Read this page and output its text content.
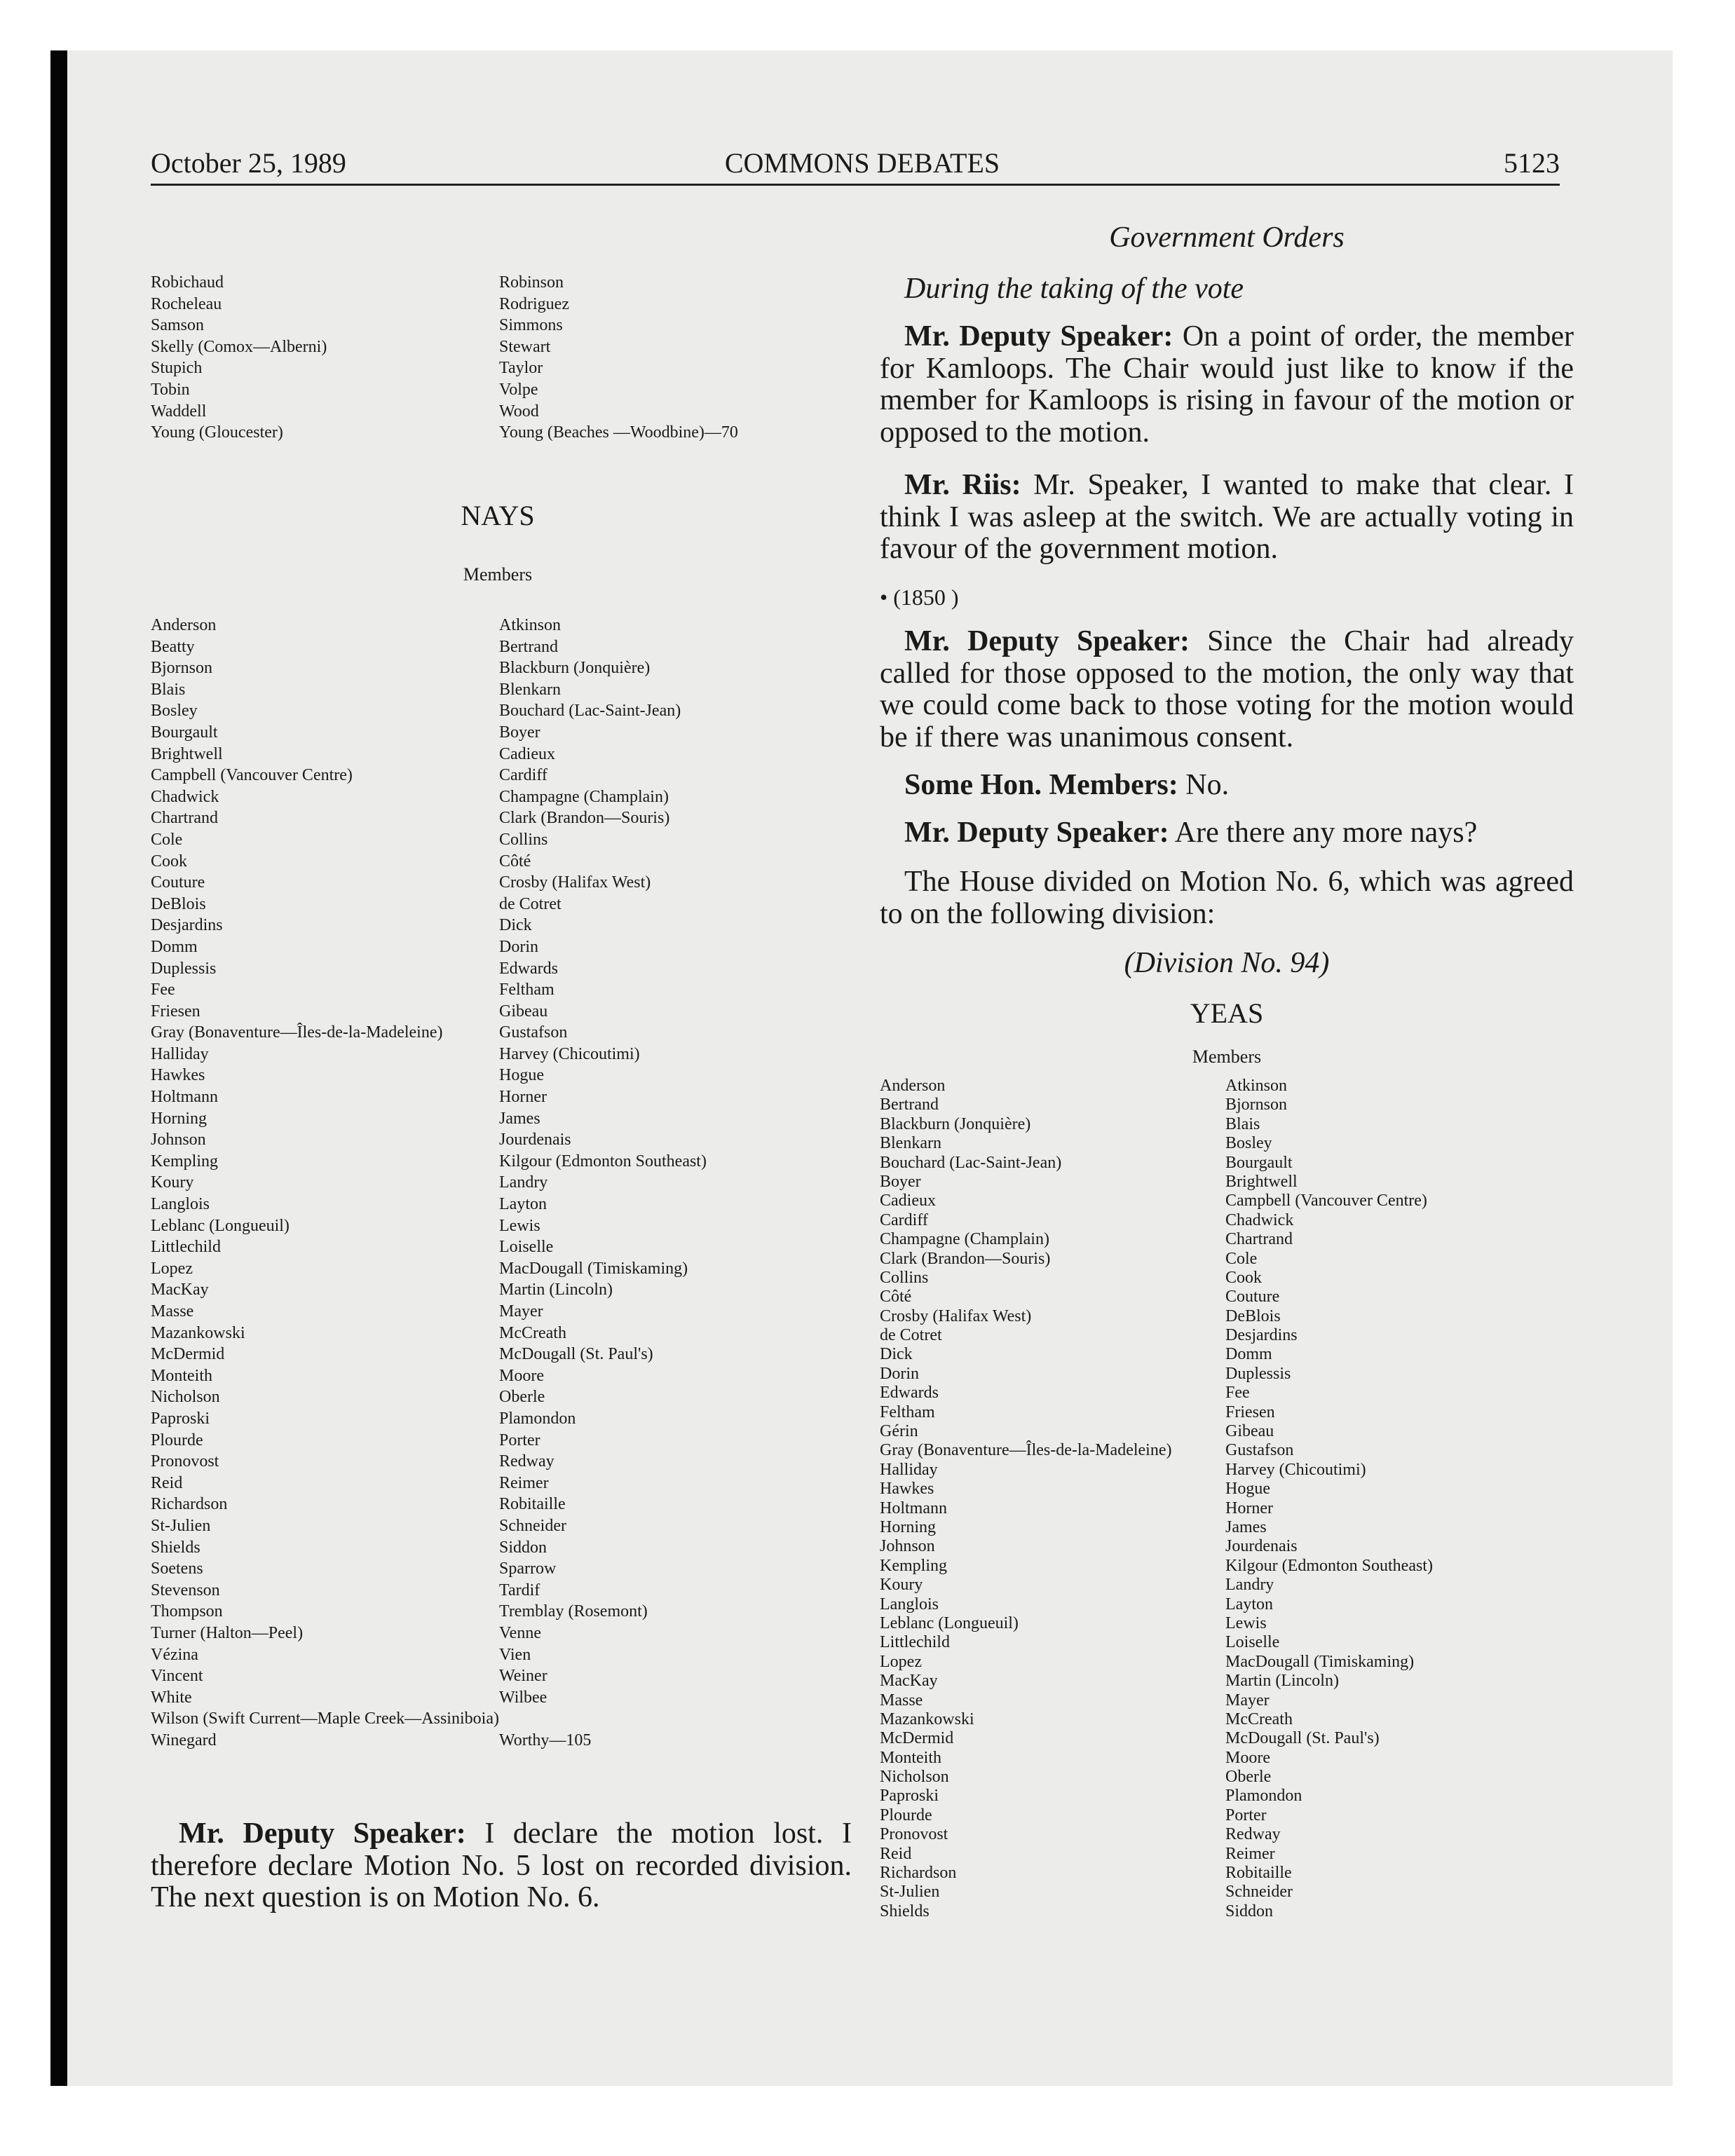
October 25, 1989	COMMONS DEBATES	5123
Robichaud
Rocheleau
Samson
Skelly (Comox—Alberni)
Stupich
Tobin
Waddell
Young (Gloucester)
Robinson
Rodriguez
Simmons
Stewart
Taylor
Volpe
Wood
Young (Beaches —Woodbine)—70
NAYS
Members
Anderson
Beatty
Bjornson
Blais
Bosley
Bourgault
Brightwell
Campbell (Vancouver Centre)
Chadwick
Chartrand
Cole
Cook
Couture
DeBlois
Desjardins
Domm
Duplessis
Fee
Friesen
Gray (Bonaventure—Îles-de-la-Madeleine)
Halliday
Hawkes
Holtmann
Horning
Johnson
Kempling
Koury
Langlois
Leblanc (Longueuil)
Littlechild
Lopez
MacKay
Masse
Mazankowski
McDermid
Monteith
Nicholson
Paproski
Plourde
Pronovost
Reid
Richardson
St-Julien
Shields
Soetens
Stevenson
Thompson
Turner (Halton—Peel)
Vézina
Vincent
White
Wilson (Swift Current—Maple Creek—Assiniboia)
Winegard
Atkinson
Bertrand
Blackburn (Jonquière)
Blenkarn
Bouchard (Lac-Saint-Jean)
Boyer
Cadieux
Cardiff
Champagne (Champlain)
Clark (Brandon—Souris)
Collins
Côté
Crosby (Halifax West)
de Cotret
Dick
Dorin
Edwards
Feltham
Gibeau
Gustafson
Harvey (Chicoutimi)
Hogue
Horner
James
Jourdenais
Kilgour (Edmonton Southeast)
Landry
Layton
Lewis
Loiselle
MacDougall (Timiskaming)
Martin (Lincoln)
Mayer
McCreath
McDougall (St. Paul's)
Moore
Oberle
Plamondon
Porter
Redway
Reimer
Robitaille
Schneider
Siddon
Sparrow
Tardif
Tremblay (Rosemont)
Venne
Vien
Weiner
Wilbee
Worthy—105

Mr. Deputy Speaker: I declare the motion lost. I therefore declare Motion No. 5 lost on recorded division. The next question is on Motion No. 6.

Government Orders
During the taking of the vote

Mr. Deputy Speaker: On a point of order, the member for Kamloops. The Chair would just like to know if the member for Kamloops is rising in favour of the motion or opposed to the motion.

Mr. Riis: Mr. Speaker, I wanted to make that clear. I think I was asleep at the switch. We are actually voting in favour of the government motion.

• (1850 )

Mr. Deputy Speaker: Since the Chair had already called for those opposed to the motion, the only way that we could come back to those voting for the motion would be if there was unanimous consent.

Some Hon. Members: No.

Mr. Deputy Speaker: Are there any more nays?

The House divided on Motion No. 6, which was agreed to on the following division:

(Division No. 94)
YEAS
Members
Anderson
Bertrand
Blackburn (Jonquière)
Blenkarn
Bouchard (Lac-Saint-Jean)
Boyer
Cadieux
Cardiff
Champagne (Champlain)
Clark (Brandon—Souris)
Collins
Côté
Crosby (Halifax West)
de Cotret
Dick
Dorin
Edwards
Feltham
Gérin
Gray (Bonaventure—Îles-de-la-Madeleine)
Halliday
Hawkes
Holtmann
Horning
Johnson
Kempling
Koury
Langlois
Leblanc (Longueuil)
Littlechild
Lopez
MacKay
Masse
Mazankowski
McDermid
Monteith
Nicholson
Paproski
Plourde
Pronovost
Reid
Richardson
St-Julien
Shields
Atkinson
Bjornson
Blais
Bosley
Bourgault
Brightwell
Campbell (Vancouver Centre)
Chadwick
Chartrand
Cole
Cook
Couture
DeBlois
Desjardins
Domm
Duplessis
Fee
Friesen
Gibeau
Gustafson
Harvey (Chicoutimi)
Hogue
Horner
James
Jourdenais
Kilgour (Edmonton Southeast)
Landry
Layton
Lewis
Loiselle
MacDougall (Timiskaming)
Martin (Lincoln)
Mayer
McCreath
McDougall (St. Paul's)
Moore
Oberle
Plamondon
Porter
Redway
Reimer
Robitaille
Schneider
Siddon
